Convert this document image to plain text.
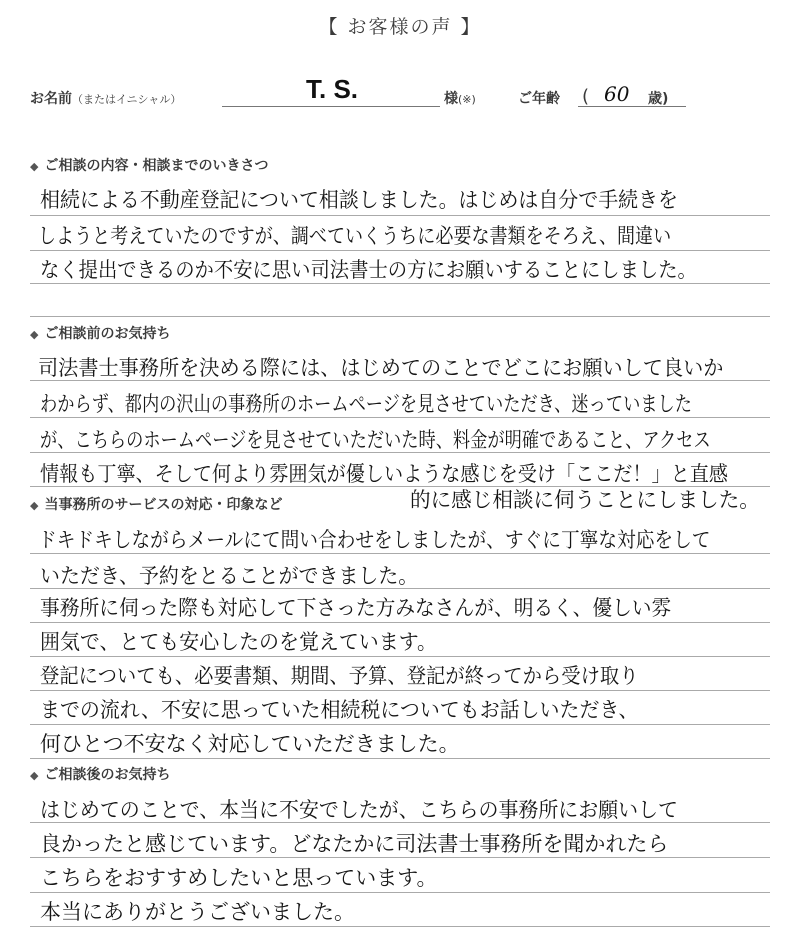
【 お客様の声 】
お名前（またはイニシャル）	T. S.	様(※)	ご年齢 ( 60 歳)
◆ ご相談の内容・相談までのいきさつ
相続による不動産登記について相談しました。はじめは自分で手続きを
しようと考えていたのですが、調べていくうちに必要な書類をそろえ、間違い
なく提出できるのか不安に思い司法書士の方にお願いすることにしました。
◆ ご相談前のお気持ち
司法書士事務所を決める際には、はじめてのことでどこにお願いして良いか
わからず、都内の沢山の事務所のホームページを見させていただき、迷っていました
が、こちらのホームページを見させていただいた時、料金が明確であること、アクセス
情報も丁寧、そして何より雰囲気が優しいような感じを受け「ここだ！」と直感
的に感じ相談に伺うことにしました。
◆ 当事務所のサービスの対応・印象など
ドキドキしながらメールにて問い合わせをしましたが、すぐに丁寧な対応をして
いただき、予約をとることができました。
事務所に伺った際も対応して下さった方みなさんが、明るく、優しい雰
囲気で、とても安心したのを覚えています。
登記についても、必要書類、期間、予算、登記が終ってから受け取り
までの流れ、不安に思っていた相続税についてもお話しいただき、
何ひとつ不安なく対応していただきました。
◆ ご相談後のお気持ち
はじめてのことで、本当に不安でしたが、こちらの事務所にお願いして
良かったと感じています。どなたかに司法書士事務所を聞かれたら
こちらをおすすめしたいと思っています。
本当にありがとうございました。
